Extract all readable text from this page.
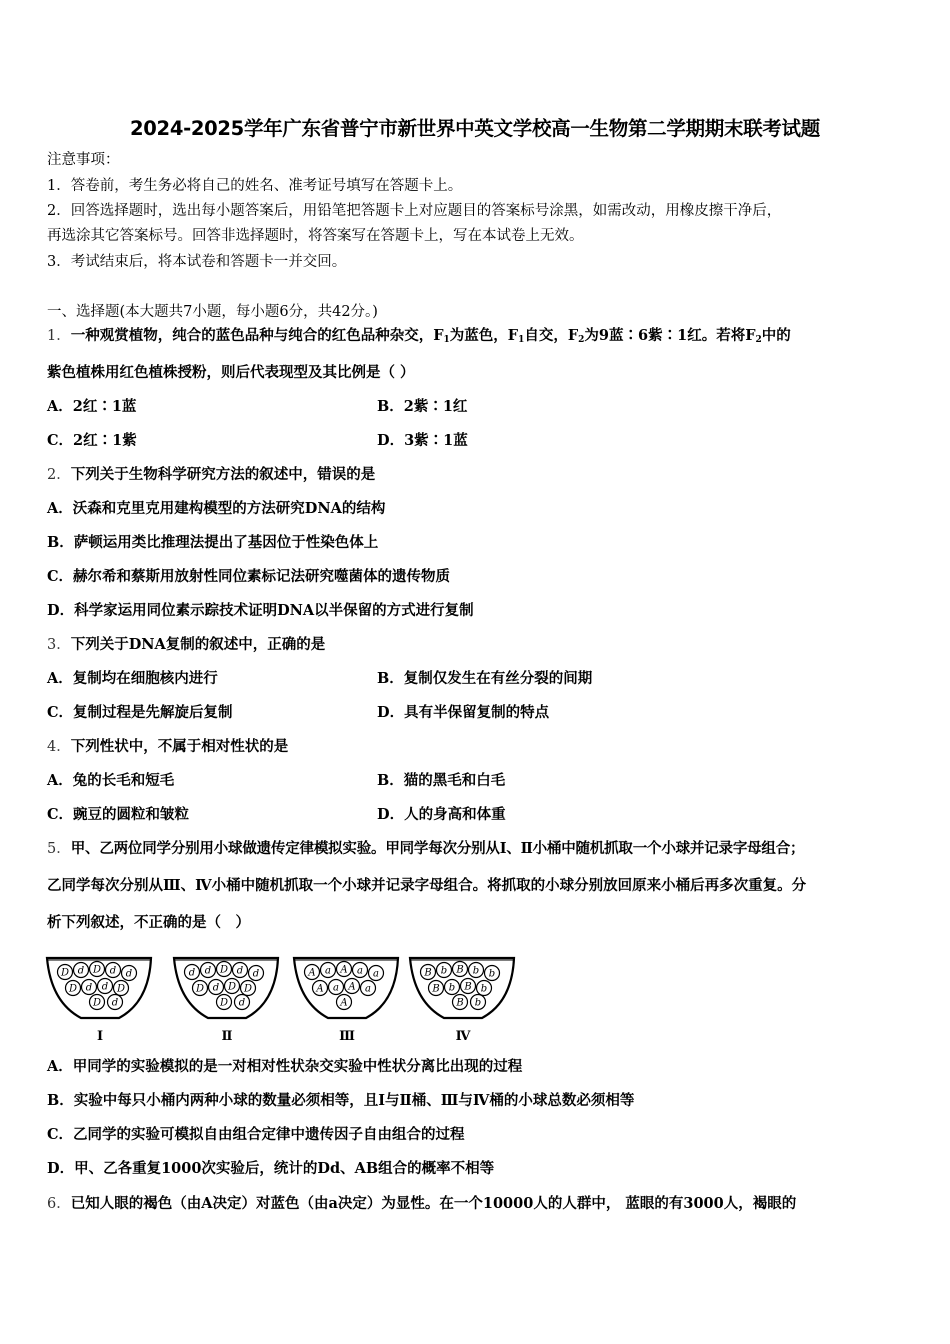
2024-2025学年广东省普宁市新世界中英文学校高一生物第二学期期末联考试题
注意事项：
1．答卷前，考生务必将自己的姓名、准考证号填写在答题卡上。
2．回答选择题时，选出每小题答案后，用铅笔把答题卡上对应题目的答案标号涂黑，如需改动，用橡皮擦干净后，
再选涂其它答案标号。回答非选择题时，将答案写在答题卡上，写在本试卷上无效。
3．考试结束后，将本试卷和答题卡一并交回。
一、选择题(本大题共7小题，每小题6分，共42分。)
1．一种观赏植物，纯合的蓝色品种与纯合的红色品种杂交，$F_1$为蓝色，$F_1$自交，$F_2$为9蓝∶6紫∶1红。若将$F_2$中的
紫色植株用红色植株授粉，则后代表现型及其比例是（ ）
A．2红∶1蓝	B．2紫∶1红
C．2红∶1紫	D．3紫∶1蓝
2．下列关于生物科学研究方法的叙述中，错误的是
A．沃森和克里克用建构模型的方法研究DNA的结构
B．萨顿运用类比推理法提出了基因位于性染色体上
C．赫尔希和蔡斯用放射性同位素标记法研究噬菌体的遗传物质
D．科学家运用同位素示踪技术证明DNA以半保留的方式进行复制
3．下列关于DNA复制的叙述中，正确的是
A．复制均在细胞核内进行	B．复制仅发生在有丝分裂的间期
C．复制过程是先解旋后复制	D．具有半保留复制的特点
4．下列性状中，不属于相对性状的是
A．兔的长毛和短毛	B．猫的黑毛和白毛
C．豌豆的圆粒和皱粒	D．人的身高和体重
5．甲、乙两位同学分别用小球做遗传定律模拟实验。甲同学每次分别从Ⅰ、Ⅱ小桶中随机抓取一个小球并记录字母组合；
乙同学每次分别从Ⅲ、Ⅳ小桶中随机抓取一个小球并记录字母组合。将抓取的小球分别放回原来小桶后再多次重复。分
析下列叙述，不正确的是（　）
D d D d d
D d d D
D d
Ⅰ
d d D d d
D d D D
D d
Ⅱ
A a A a a
A a A a
A
Ⅲ
B b B b b
B b B b
B b
Ⅳ
A．甲同学的实验模拟的是一对相对性状杂交实验中性状分离比出现的过程
B．实验中每只小桶内两种小球的数量必须相等，且Ⅰ与Ⅱ桶、Ⅲ与Ⅳ桶的小球总数必须相等
C．乙同学的实验可模拟自由组合定律中遗传因子自由组合的过程
D．甲、乙各重复1000次实验后，统计的Dd、AB组合的概率不相等
6．已知人眼的褐色（由A决定）对蓝色（由a决定）为显性。在一个10000人的人群中， 蓝眼的有3000人，褐眼的
